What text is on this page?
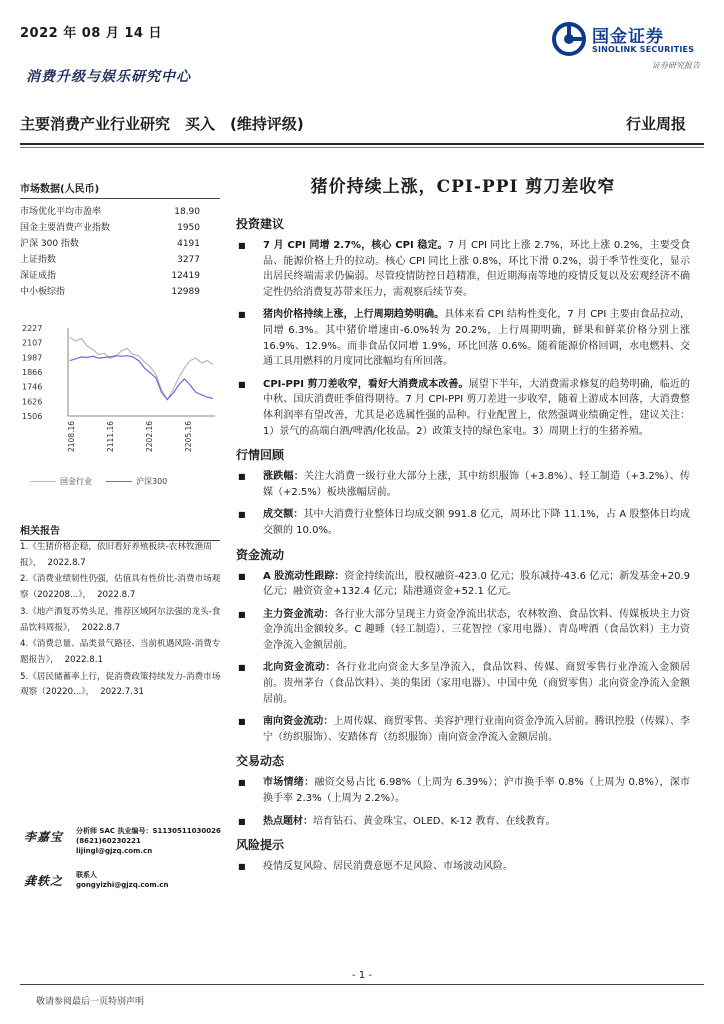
2022 年 08 月 14 日	国金证券
SINOLINK SECURITIES
证券研究报告
消费升级与娱乐研究中心
主要消费产业行业研究　买入　(维持评级)	行业周报
市场数据(人民币)
市场优化平均市盈率	18.90
国金主要消费产业指数	1950
沪深 300 指数	4191
上证指数	3277
深证成指	12419
中小板综指	12989
2227
2107
1987
1866
1746
1626
1506
2108.16	2111.16	2202.16	2205.16
国金行业	沪深300
相关报告
1.《生猪价格企稳，依旧看好养殖板块-农林牧渔周报》， 2022.8.7
2.《消费业绩韧性仍强，估值具有性价比-消费市场观察（202208...》， 2022.8.7
3.《地产酒复苏势头足，推荐区域阿尔法强的龙头-食品饮料周报》， 2022.8.7
4.《消费总量、品类景气路径、当前机遇风险-消费专题报告》， 2022.8.1
5.《居民储蓄率上行，促消费政策持续发力-消费市场观察（20220...》， 2022.7.31
李嘉宝 分析师 SAC 执业编号：S1130511030026
(8621)60230221
lijingl@gjzq.com.cn
龚轶之 联系人
gongyizhi@gjzq.com.cn
猪价持续上涨，CPI-PPI 剪刀差收窄
投资建议
■ 7 月 CPI 同增 2.7%，核心 CPI 稳定。7 月 CPI 同比上涨 2.7%，环比上涨 0.2%，主要受食品、能源价格上升的拉动。核心 CPI 同比上涨 0.8%，环比下滑 0.2%，弱于季节性变化，显示出居民终端需求仍偏弱。尽管疫情防控日趋精准，但近期海南等地的疫情反复以及宏观经济不确定性仍给消费复苏带来压力，需观察后续节奏。
■ 猪肉价格持续上涨，上行周期趋势明确。具体来看 CPI 结构性变化，7 月 CPI 主要由食品拉动，同增 6.3%。其中猪价增速由-6.0%转为 20.2%，上行周期明确，鲜果和鲜菜价格分别上涨 16.9%、12.9%。而非食品仅同增 1.9%，环比回落 0.6%。随着能源价格回调，水电燃料、交通工具用燃料的月度同比涨幅均有所回落。
■ CPI-PPI 剪刀差收窄，看好大消费成本改善。展望下半年，大消费需求修复的趋势明确，临近的中秋、国庆消费旺季值得期待。7 月 CPI-PPI 剪刀差进一步收窄，随着上游成本回落，大消费整体利润率有望改善，尤其是必选属性强的品种。行业配置上，依然强调业绩确定性，建议关注：1）景气的高端白酒/啤酒/化妆品。2）政策支持的绿色家电。3）周期上行的生猪养殖。
行情回顾
■ 涨跌幅：关注大消费一级行业大部分上涨，其中纺织服饰（+3.8%）、轻工制造（+3.2%）、传媒（+2.5%）板块涨幅居前。
■ 成交额：其中大消费行业整体日均成交额 991.8 亿元，周环比下降 11.1%，占 A 股整体日均成交额的 10.0%。
资金流动
■ A 股流动性跟踪：资金持续流出，股权融资-423.0 亿元；股东减持-43.6 亿元；新发基金+20.9 亿元；融资资金+132.4 亿元；陆港通资金+52.1 亿元。
■ 主力资金流动：各行业大部分呈现主力资金净流出状态，农林牧渔、食品饮料、传媒板块主力资金净流出金额较多。C 趣睡（轻工制造）、三花智控（家用电器）、青岛啤酒（食品饮料）主力资金净流入金额居前。
■ 北向资金流动：各行业北向资金大多呈净流入，食品饮料、传媒、商贸零售行业净流入金额居前。贵州茅台（食品饮料）、美的集团（家用电器）、中国中免（商贸零售）北向资金净流入金额居前。
■ 南向资金流动：上周传媒、商贸零售、美容护理行业南向资金净流入居前。腾讯控股（传媒）、李宁（纺织服饰）、安踏体育（纺织服饰）南向资金净流入金额居前。
交易动态
■ 市场情绪：融资交易占比 6.98%（上周为 6.39%）；沪市换手率 0.8%（上周为 0.8%），深市换手率 2.3%（上周为 2.2%）。
■ 热点题材：培育钻石、黄金珠宝、OLED、K-12 教育、在线教育。
风险提示
■ 疫情反复风险、居民消费意愿不足风险、市场波动风险。
- 1 -
敬请参阅最后一页特别声明
